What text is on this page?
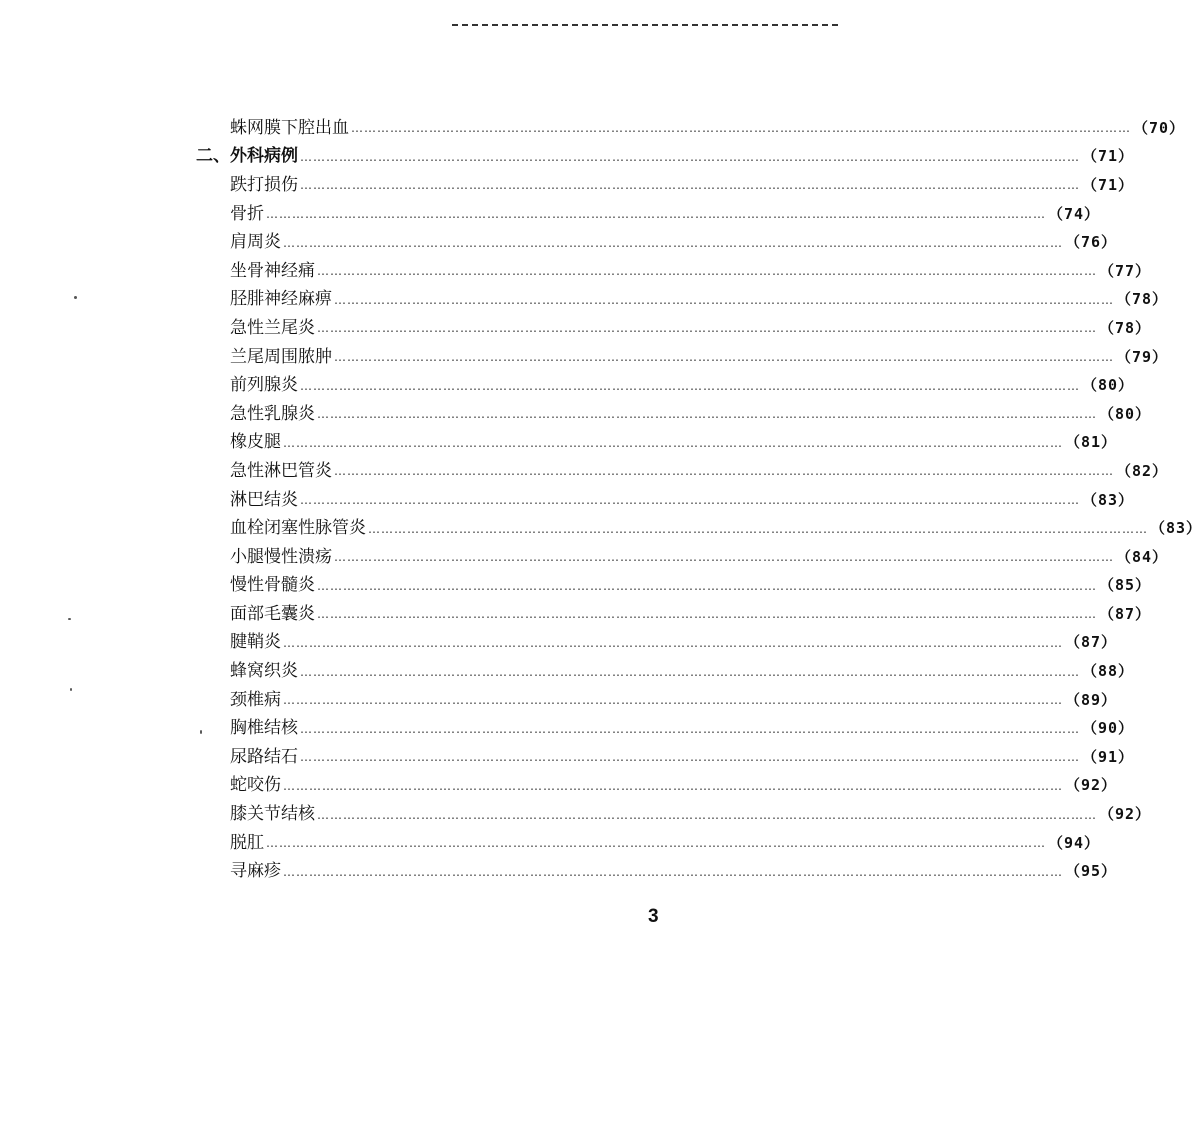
蛛网膜下腔出血 ……………………………………………………………………………………………………………………………………………………………… （70）
二、 外科病例 ……………………………………………………………………………………………………………………………………………………………… （71）
跌打损伤 ……………………………………………………………………………………………………………………………………………………………… （71）
骨折 ……………………………………………………………………………………………………………………………………………………………… （74）
肩周炎 ……………………………………………………………………………………………………………………………………………………………… （76）
坐骨神经痛 ……………………………………………………………………………………………………………………………………………………………… （77）
胫腓神经麻痹 ……………………………………………………………………………………………………………………………………………………………… （78）
急性兰尾炎 ……………………………………………………………………………………………………………………………………………………………… （78）
兰尾周围脓肿 ……………………………………………………………………………………………………………………………………………………………… （79）
前列腺炎 ……………………………………………………………………………………………………………………………………………………………… （80）
急性乳腺炎 ……………………………………………………………………………………………………………………………………………………………… （80）
橡皮腿 ……………………………………………………………………………………………………………………………………………………………… （81）
急性淋巴管炎 ……………………………………………………………………………………………………………………………………………………………… （82）
淋巴结炎 ……………………………………………………………………………………………………………………………………………………………… （83）
血栓闭塞性脉管炎 ……………………………………………………………………………………………………………………………………………………………… （83）
小腿慢性溃疡 ……………………………………………………………………………………………………………………………………………………………… （84）
慢性骨髓炎 ……………………………………………………………………………………………………………………………………………………………… （85）
面部毛囊炎 ……………………………………………………………………………………………………………………………………………………………… （87）
腱鞘炎 ……………………………………………………………………………………………………………………………………………………………… （87）
蜂窝织炎 ……………………………………………………………………………………………………………………………………………………………… （88）
颈椎病 ……………………………………………………………………………………………………………………………………………………………… （89）
胸椎结核 ……………………………………………………………………………………………………………………………………………………………… （90）
尿路结石 ……………………………………………………………………………………………………………………………………………………………… （91）
蛇咬伤 ……………………………………………………………………………………………………………………………………………………………… （92）
膝关节结核 ……………………………………………………………………………………………………………………………………………………………… （92）
脱肛 ……………………………………………………………………………………………………………………………………………………………… （94）
寻麻疹 ……………………………………………………………………………………………………………………………………………………………… （95）
3
